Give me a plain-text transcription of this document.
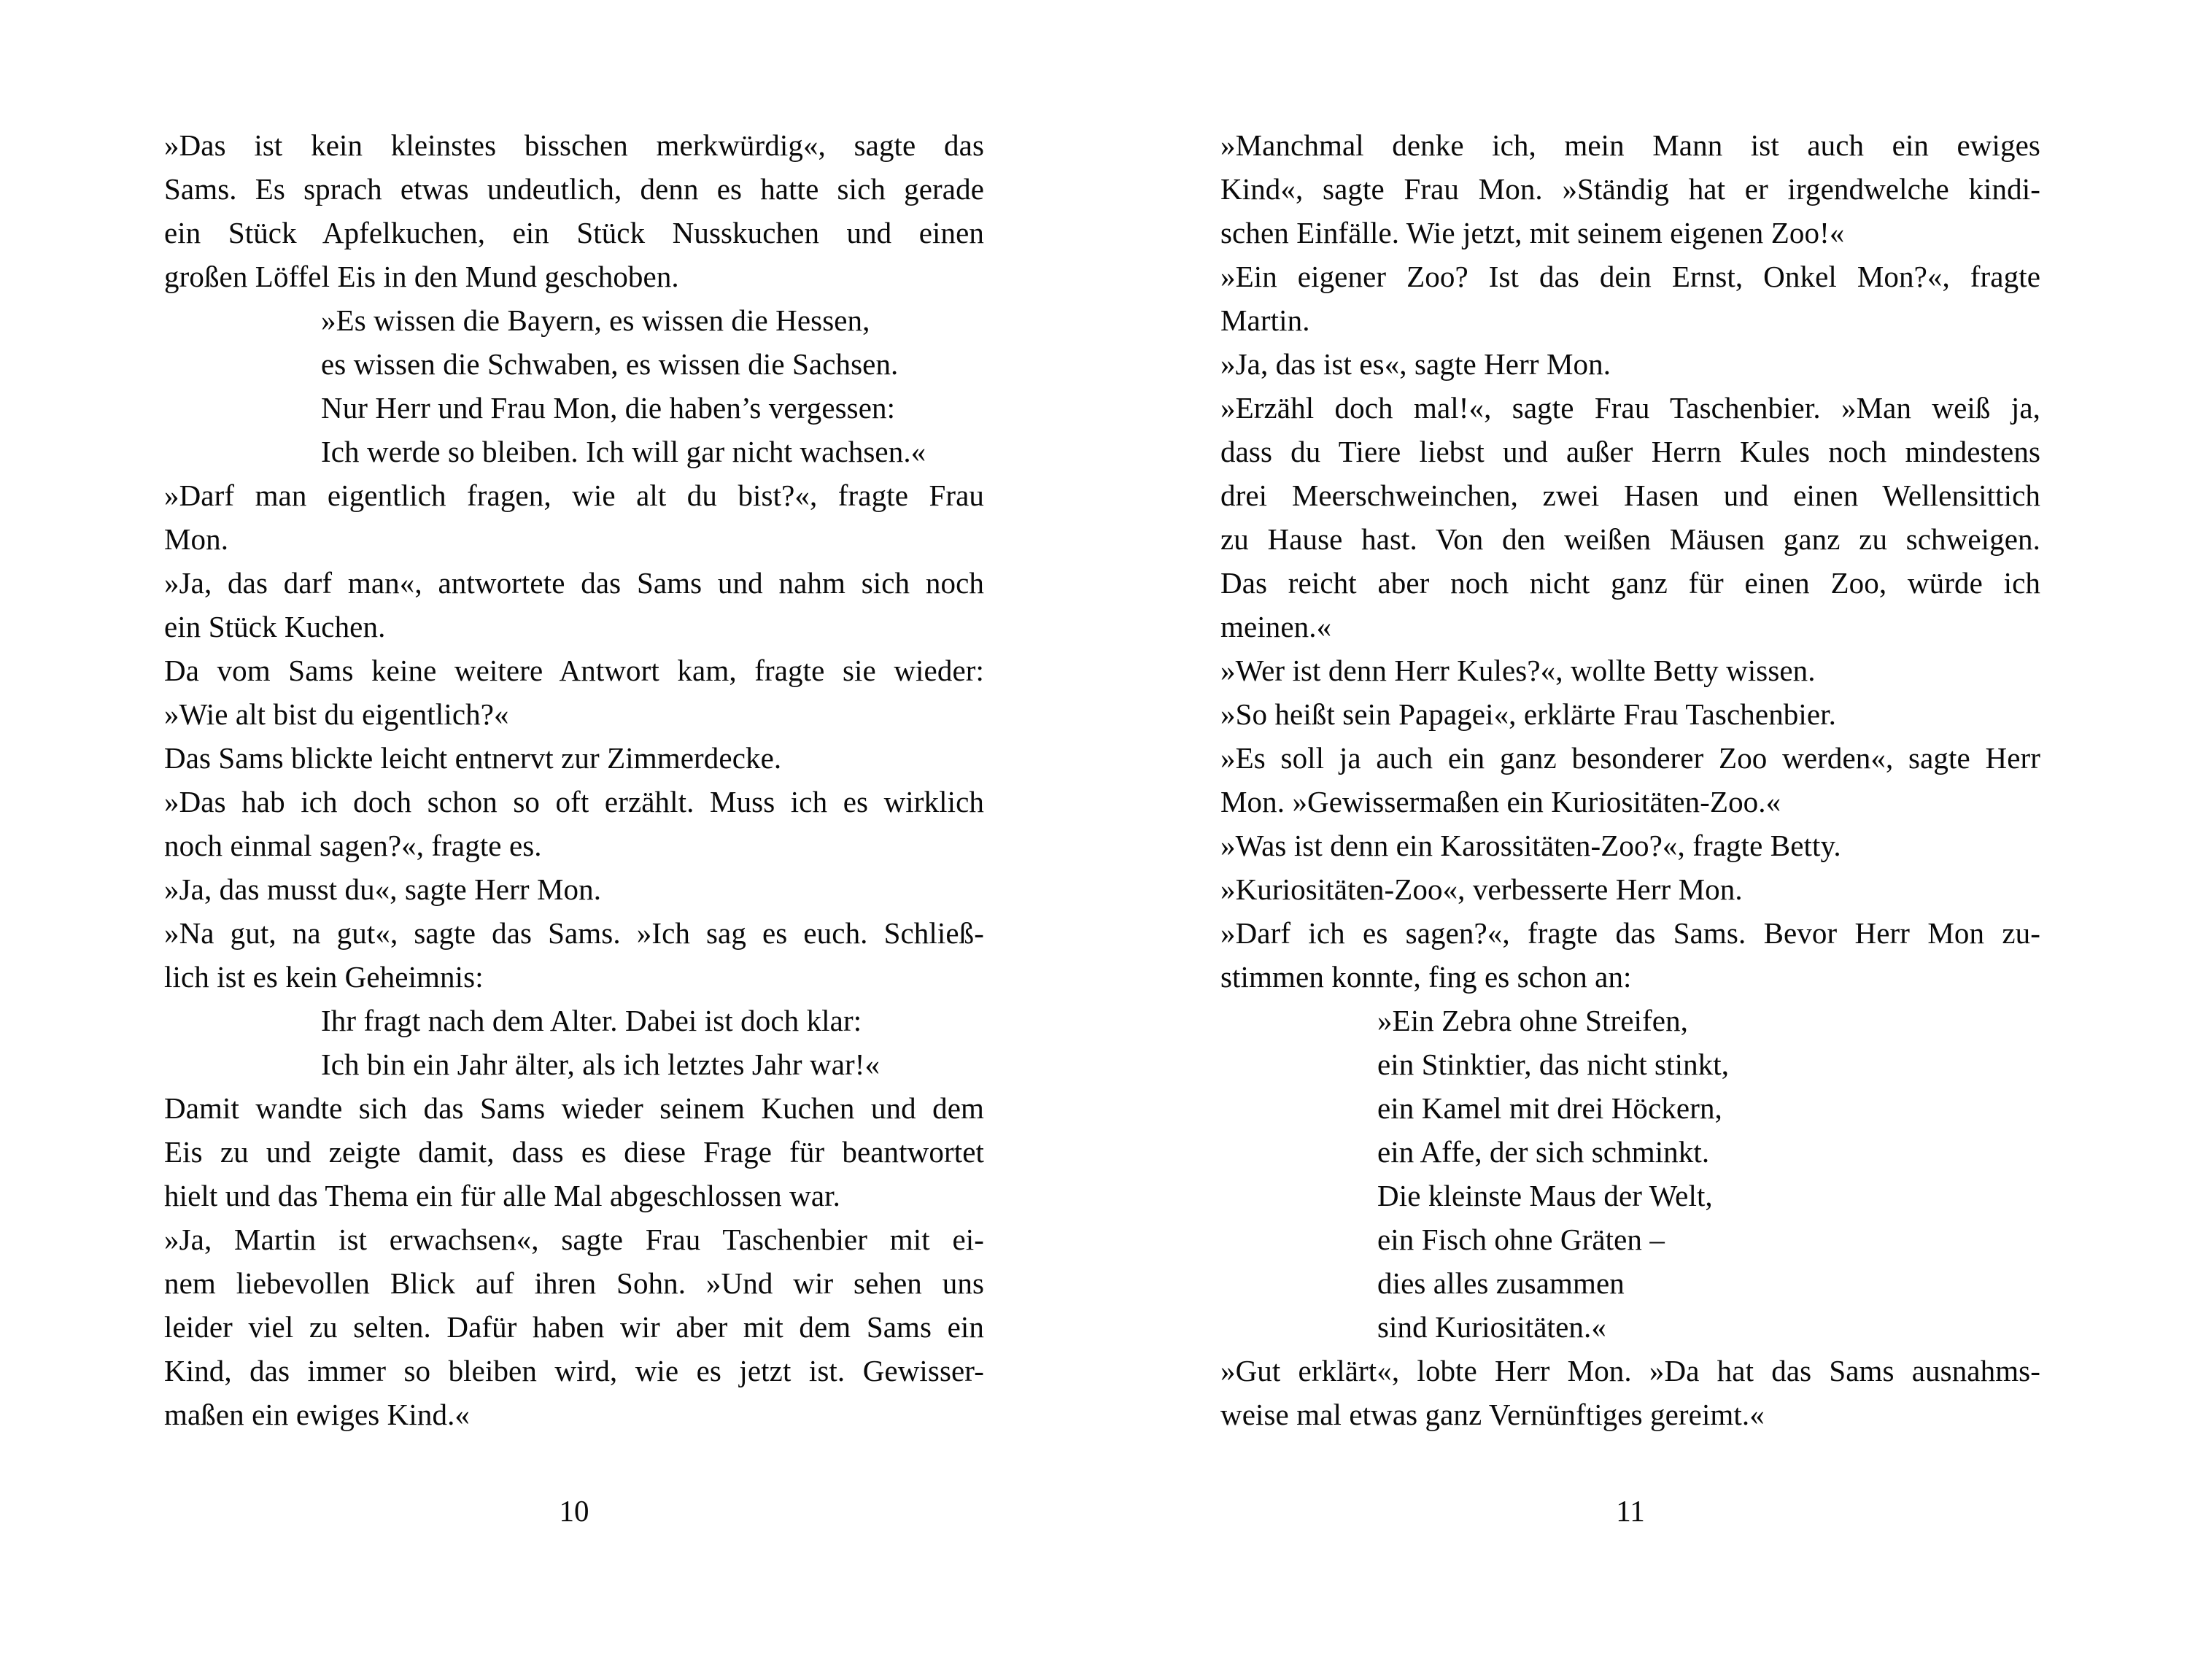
»Das ist kein kleinstes bisschen merkwürdig«, sagte das
Sams. Es sprach etwas undeutlich, denn es hatte sich gerade
ein Stück Apfelkuchen, ein Stück Nusskuchen und einen
großen Löffel Eis in den Mund geschoben.
»Es wissen die Bayern, es wissen die Hessen,
es wissen die Schwaben, es wissen die Sachsen.
Nur Herr und Frau Mon, die haben’s vergessen:
Ich werde so bleiben. Ich will gar nicht wachsen.«
»Darf man eigentlich fragen, wie alt du bist?«, fragte Frau
Mon.
»Ja, das darf man«, antwortete das Sams und nahm sich noch
ein Stück Kuchen.
Da vom Sams keine weitere Antwort kam, fragte sie wieder:
»Wie alt bist du eigentlich?«
Das Sams blickte leicht entnervt zur Zimmerdecke.
»Das hab ich doch schon so oft erzählt. Muss ich es wirklich
noch einmal sagen?«, fragte es.
»Ja, das musst du«, sagte Herr Mon.
»Na gut, na gut«, sagte das Sams. »Ich sag es euch. Schließ-
lich ist es kein Geheimnis:
Ihr fragt nach dem Alter. Dabei ist doch klar:
Ich bin ein Jahr älter, als ich letztes Jahr war!«
Damit wandte sich das Sams wieder seinem Kuchen und dem
Eis zu und zeigte damit, dass es diese Frage für beantwortet
hielt und das Thema ein für alle Mal abgeschlossen war.
»Ja, Martin ist erwachsen«, sagte Frau Taschenbier mit ei-
nem liebevollen Blick auf ihren Sohn. »Und wir sehen uns
leider viel zu selten. Dafür haben wir aber mit dem Sams ein
Kind, das immer so bleiben wird, wie es jetzt ist. Gewisser-
maßen ein ewiges Kind.«
»Manchmal denke ich, mein Mann ist auch ein ewiges
Kind«, sagte Frau Mon. »Ständig hat er irgendwelche kindi-
schen Einfälle. Wie jetzt, mit seinem eigenen Zoo!«
»Ein eigener Zoo? Ist das dein Ernst, Onkel Mon?«, fragte
Martin.
»Ja, das ist es«, sagte Herr Mon.
»Erzähl doch mal!«, sagte Frau Taschenbier. »Man weiß ja,
dass du Tiere liebst und außer Herrn Kules noch mindestens
drei Meerschweinchen, zwei Hasen und einen Wellensittich
zu Hause hast. Von den weißen Mäusen ganz zu schweigen.
Das reicht aber noch nicht ganz für einen Zoo, würde ich
meinen.«
»Wer ist denn Herr Kules?«, wollte Betty wissen.
»So heißt sein Papagei«, erklärte Frau Taschenbier.
»Es soll ja auch ein ganz besonderer Zoo werden«, sagte Herr
Mon. »Gewissermaßen ein Kuriositäten-Zoo.«
»Was ist denn ein Karossitäten-Zoo?«, fragte Betty.
»Kuriositäten-Zoo«, verbesserte Herr Mon.
»Darf ich es sagen?«, fragte das Sams. Bevor Herr Mon zu-
stimmen konnte, fing es schon an:
»Ein Zebra ohne Streifen,
ein Stinktier, das nicht stinkt,
ein Kamel mit drei Höckern,
ein Affe, der sich schminkt.
Die kleinste Maus der Welt,
ein Fisch ohne Gräten –
dies alles zusammen
sind Kuriositäten.«
»Gut erklärt«, lobte Herr Mon. »Da hat das Sams ausnahms-
weise mal etwas ganz Vernünftiges gereimt.«
10	11
